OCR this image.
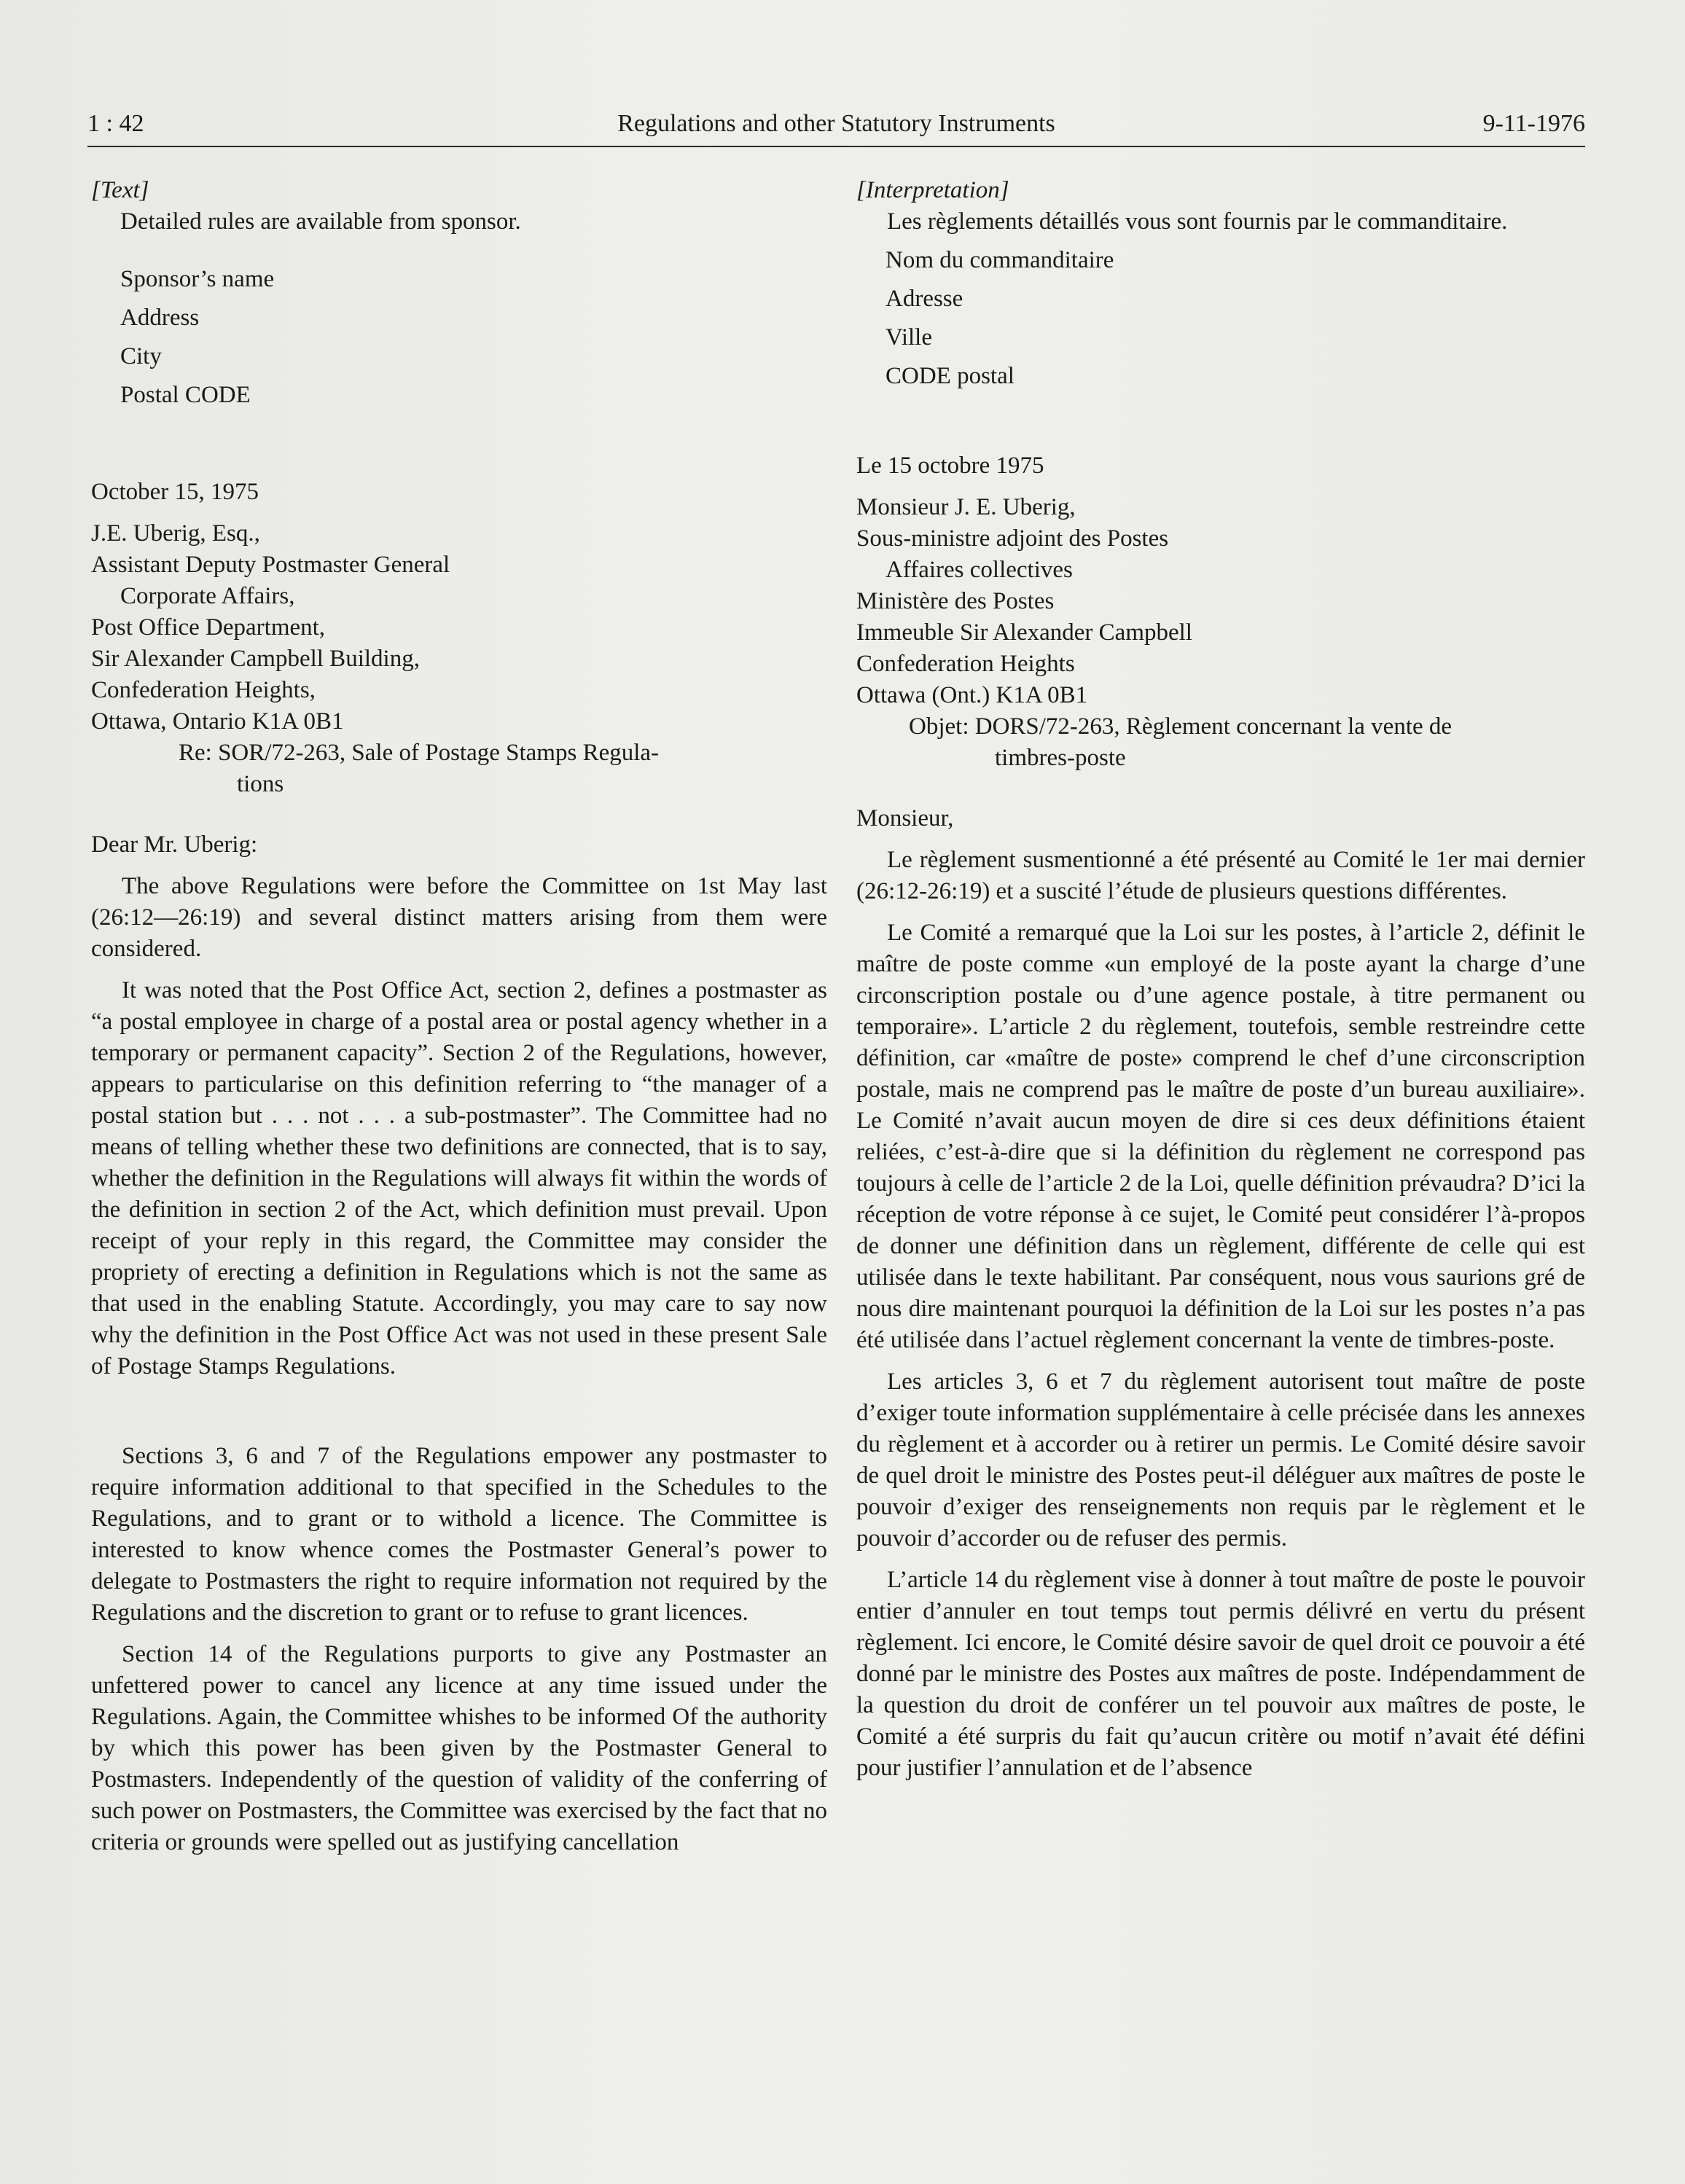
1 : 42	Regulations and other Statutory Instruments	9-11-1976

[Text]

Detailed rules are available from sponsor.

Sponsor’s name

Address

City

Postal CODE

October 15, 1975

J.E. Uberig, Esq.,

Assistant Deputy Postmaster General

Corporate Affairs,

Post Office Department,

Sir Alexander Campbell Building,

Confederation Heights,

Ottawa, Ontario K1A 0B1

Re: SOR/72-263, Sale of Postage Stamps Regula-

tions

Dear Mr. Uberig:

The above Regulations were before the Committee on 1st May last (26:12—26:19) and several distinct matters arising from them were considered.

It was noted that the Post Office Act, section 2, defines a postmaster as “a postal employee in charge of a postal area or postal agency whether in a temporary or permanent capacity”. Section 2 of the Regulations, however, appears to particularise on this definition referring to “the manager of a postal station but . . . not . . . a sub-postmaster”. The Committee had no means of telling whether these two definitions are connected, that is to say, whether the definition in the Regulations will always fit within the words of the definition in section 2 of the Act, which definition must prevail. Upon receipt of your reply in this regard, the Committee may consider the propriety of erecting a definition in Regulations which is not the same as that used in the enabling Statute. Accordingly, you may care to say now why the definition in the Post Office Act was not used in these present Sale of Postage Stamps Regulations.

Sections 3, 6 and 7 of the Regulations empower any postmaster to require information additional to that specified in the Schedules to the Regulations, and to grant or to withold a licence. The Committee is interested to know whence comes the Postmaster General’s power to delegate to Postmasters the right to require information not required by the Regulations and the discretion to grant or to refuse to grant licences.

Section 14 of the Regulations purports to give any Postmaster an unfettered power to cancel any licence at any time issued under the Regulations. Again, the Committee whishes to be informed Of the authority by which this power has been given by the Postmaster General to Postmasters. Independently of the question of validity of the conferring of such power on Postmasters, the Committee was exercised by the fact that no criteria or grounds were spelled out as justifying cancellation

[Interpretation]

Les règlements détaillés vous sont fournis par le commanditaire.

Nom du commanditaire

Adresse

Ville

CODE postal

Le 15 octobre 1975

Monsieur J. E. Uberig,

Sous-ministre adjoint des Postes

Affaires collectives

Ministère des Postes

Immeuble Sir Alexander Campbell

Confederation Heights

Ottawa (Ont.) K1A 0B1

Objet: DORS/72-263, Règlement concernant la vente de

timbres-poste

Monsieur,

Le règlement susmentionné a été présenté au Comité le 1er mai dernier (26:12-26:19) et a suscité l’étude de plusieurs questions différentes.

Le Comité a remarqué que la Loi sur les postes, à l’article 2, définit le maître de poste comme «un employé de la poste ayant la charge d’une circonscription postale ou d’une agence postale, à titre permanent ou temporaire». L’article 2 du règlement, toutefois, semble restreindre cette définition, car «maître de poste» comprend le chef d’une circonscription postale, mais ne comprend pas le maître de poste d’un bureau auxiliaire». Le Comité n’avait aucun moyen de dire si ces deux définitions étaient reliées, c’est-à-dire que si la définition du règlement ne correspond pas toujours à celle de l’article 2 de la Loi, quelle définition prévaudra? D’ici la réception de votre réponse à ce sujet, le Comité peut considérer l’à-propos de donner une définition dans un règlement, différente de celle qui est utilisée dans le texte habilitant. Par conséquent, nous vous saurions gré de nous dire maintenant pourquoi la définition de la Loi sur les postes n’a pas été utilisée dans l’actuel règlement concernant la vente de timbres-poste.

Les articles 3, 6 et 7 du règlement autorisent tout maître de poste d’exiger toute information supplémentaire à celle précisée dans les annexes du règlement et à accorder ou à retirer un permis. Le Comité désire savoir de quel droit le ministre des Postes peut-il déléguer aux maîtres de poste le pouvoir d’exiger des renseignements non requis par le règlement et le pouvoir d’accorder ou de refuser des permis.

L’article 14 du règlement vise à donner à tout maître de poste le pouvoir entier d’annuler en tout temps tout permis délivré en vertu du présent règlement. Ici encore, le Comité désire savoir de quel droit ce pouvoir a été donné par le ministre des Postes aux maîtres de poste. Indépendamment de la question du droit de conférer un tel pouvoir aux maîtres de poste, le Comité a été surpris du fait qu’aucun critère ou motif n’avait été défini pour justifier l’annulation et de l’absence
